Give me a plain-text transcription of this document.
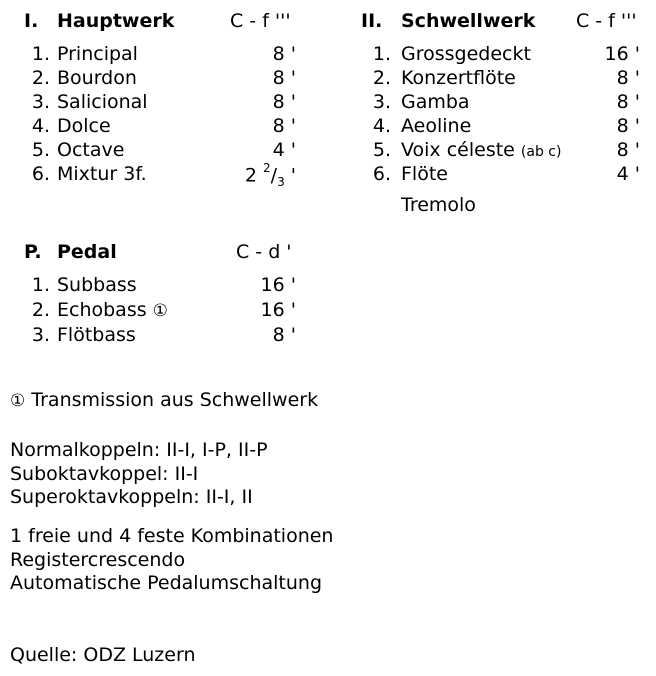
I. Hauptwerk	C - f '''
1. Principal	8 '
2. Bourdon	8 '
3. Salicional	8 '
4. Dolce	8 '
5. Octave	4 '
6. Mixtur 3f.	2 $^2/_3$ '
II. Schwellwerk C - f '''
1. Grossgedeckt	16 '
2. Konzertflöte	8 '
3. Gamba	8 '
4. Aeoline	8 '
5. Voix céleste (ab c)	8 '
6. Flöte	4 '
Tremolo
P. Pedal	C - d '
1. Subbass	16 '
2. Echobass ①	16 '
3. Flötbass	8 '
① Transmission aus Schwellwerk
Normalkoppeln: II-I, I-P, II-P
Suboktavkoppel: II-I
Superoktavkoppeln: II-I, II
1 freie und 4 feste Kombinationen
Registercrescendo
Automatische Pedalumschaltung
Quelle: ODZ Luzern
